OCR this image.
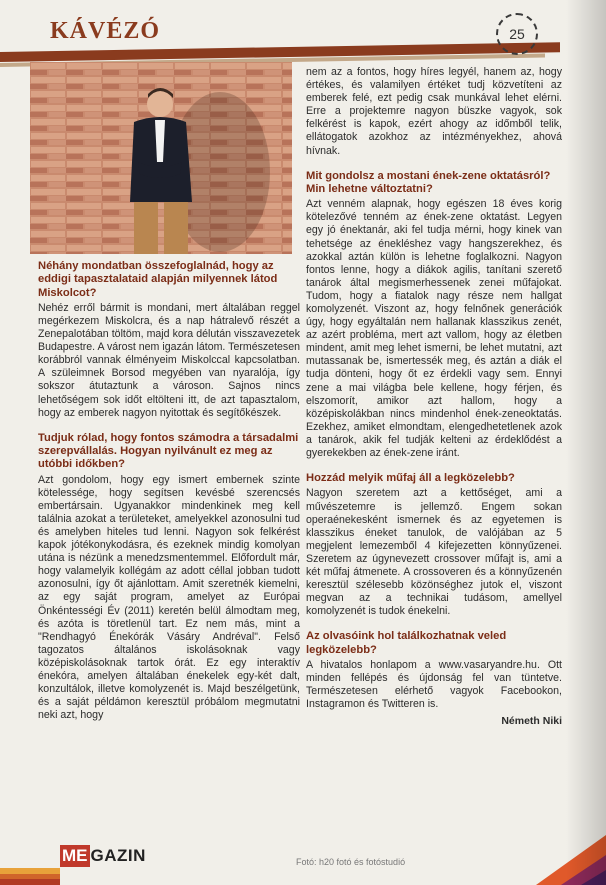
KÁVÉZÓ	25
Néhány mondatban összefoglalnád, hogy az eddigi tapasztalataid alapján milyennek látod Miskolcot?

Nehéz erről bármit is mondani, mert általában reggel megérkezem Miskolcra, és a nap hátralevő részét a Zenepalotában töltöm, majd kora délután visszavezetek Budapestre. A várost nem igazán látom. Természetesen korábbról vannak élményeim Miskolccal kapcsolatban. A szüleimnek Borsod megyében van nyaralója, így sokszor átutaztunk a városon. Sajnos nincs lehetőségem sok időt eltölteni itt, de azt tapasztalom, hogy az emberek nagyon nyitottak és segítőkészek.

Tudjuk rólad, hogy fontos számodra a társadalmi szerepvállalás. Hogyan nyilvánult ez meg az utóbbi időkben?

Azt gondolom, hogy egy ismert embernek szinte kötelessége, hogy segítsen kevésbé szerencsés embertársain. Ugyanakkor mindenkinek meg kell találnia azokat a területeket, amelyekkel azonosulni tud és amelyben hiteles tud lenni. Nagyon sok felkérést kapok jótékonykodásra, és ezeknek mindig komolyan utána is nézünk a menedzsmentemmel. Előfordult már, hogy valamelyik kollégám az adott céllal jobban tudott azonosulni, így őt ajánlottam. Amit szeretnék kiemelni, az egy saját program, amelyet az Európai Önkéntességi Év (2011) keretén belül álmodtam meg, és azóta is töretlenül tart. Ez nem más, mint a "Rendhagyó Énekórák Vásáry Andréval". Felső tagozatos általános iskolásoknak vagy középiskolásoknak tartok órát. Ez egy interaktív énekóra, amelyen általában énekelek egy-két dalt, konzultálok, illetve komolyzenét is. Majd beszélgetünk, és a saját példámon keresztül próbálom megmutatni neki azt, hogy

nem az a fontos, hogy híres legyél, hanem az, hogy értékes, és valamilyen értéket tudj közvetíteni az emberek felé, ezt pedig csak munkával lehet elérni. Erre a projektemre nagyon büszke vagyok, sok felkérést is kapok, ezért ahogy az időmből telik, ellátogatok azokhoz az intézményekhez, ahová hívnak.

Mit gondolsz a mostani ének-zene oktatásról? Min lehetne változtatni?

Azt venném alapnak, hogy egészen 18 éves korig kötelezővé tenném az ének-zene oktatást. Legyen egy jó énektanár, aki fel tudja mérni, hogy kinek van tehetsége az énekléshez vagy hangszerekhez, és azokkal aztán külön is lehetne foglalkozni. Nagyon fontos lenne, hogy a diákok agilis, tanítani szerető tanárok által megismerhessenek zenei műfajokat. Tudom, hogy a fiatalok nagy része nem hallgat komolyzenét. Viszont az, hogy felnőnek generációk úgy, hogy egyáltalán nem hallanak klasszikus zenét, az azért probléma, mert azt vallom, hogy az életben mindent, amit meg lehet ismerni, be lehet mutatni, azt mutassanak be, ismertessék meg, és aztán a diák el tudja dönteni, hogy őt ez érdekli vagy sem. Ennyi zene a mai világba bele kellene, hogy férjen, és elszomorít, amikor azt hallom, hogy a középiskolákban nincs mindenhol ének-zeneoktatás. Ezekhez, amiket elmondtam, elengedhetetlenek azok a tanárok, akik fel tudják kelteni az érdeklődést a gyerekekben az ének-zene iránt.

Hozzád melyik műfaj áll a legközelebb?

Nagyon szeretem azt a kettőséget, ami a művészetemre is jellemző. Engem sokan operaénekesként ismernek és az egyetemen is klasszikus éneket tanulok, de valójában az 5 megjelent lemezemből 4 kifejezetten könnyűzenei. Szeretem az úgynevezett crossover műfajt is, ami a két műfaj átmenete. A crossoveren és a könnyűzenén keresztül szélesebb közönséghez jutok el, viszont megvan az a technikai tudásom, amellyel komolyzenét is tudok énekelni.

Az olvasóink hol találkozhatnak veled legközelebb?

A hivatalos honlapom a www.vasaryandre.hu. Ott minden fellépés és újdonság fel van tüntetve. Természetesen elérhető vagyok Facebookon, Instagramon és Twitteren is.

Németh Niki
ME GAZIN	Fotó: h20 fotó és fotóstudió
